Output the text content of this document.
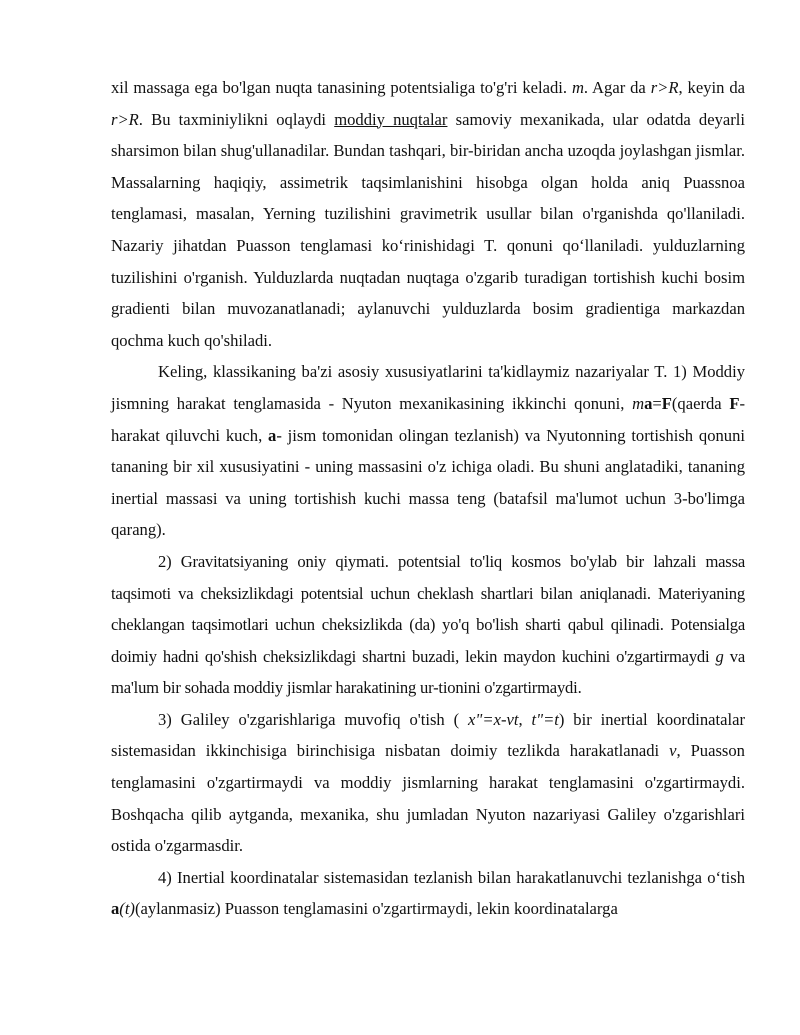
xil massaga ega bo'lgan nuqta tanasining potentsialiga to'g'ri keladi. m. Agar da r>R, keyin da r>R. Bu taxminiylikni oqlaydi moddiy nuqtalar samoviy mexanikada, ular odatda deyarli sharsimon bilan shug'ullanadilar. Bundan tashqari, bir-biridan ancha uzoqda joylashgan jismlar. Massalarning haqiqiy, assimetrik taqsimlanishini hisobga olgan holda aniq Puassnoa tenglamasi, masalan, Yerning tuzilishini gravimetrik usullar bilan o'rganishda qo'llaniladi. Nazariy jihatdan Puasson tenglamasi ko‘rinishidagi T. qonuni qo‘llaniladi. yulduzlarning tuzilishini o'rganish. Yulduzlarda nuqtadan nuqtaga o'zgarib turadigan tortishish kuchi bosim gradienti bilan muvozanatlanadi; aylanuvchi yulduzlarda bosim gradientiga markazdan qochma kuch qo'shiladi.

Keling, klassikaning ba'zi asosiy xususiyatlarini ta'kidlaymiz nazariyalar T. 1) Moddiy jismning harakat tenglamasida - Nyuton mexanikasining ikkinchi qonuni, ma=F(qaerda F- harakat qiluvchi kuch, a- jism tomonidan olingan tezlanish) va Nyutonning tortishish qonuni tananing bir xil xususiyatini - uning massasini o'z ichiga oladi. Bu shuni anglatadiki, tananing inertial massasi va uning tortishish kuchi massa teng (batafsil ma'lumot uchun 3-bo'limga qarang).

2) Gravitatsiyaning oniy qiymati. potentsial to'liq kosmos bo'ylab bir lahzali massa taqsimoti va cheksizlikdagi potentsial uchun cheklash shartlari bilan aniqlanadi. Materiyaning cheklangan taqsimotlari uchun cheksizlikda (da) yo'q bo'lish sharti qabul qilinadi. Potensialga doimiy hadni qo'shish cheksizlikdagi shartni buzadi, lekin maydon kuchini o'zgartirmaydi g va ma'lum bir sohada moddiy jismlar harakatining ur-tionini o'zgartirmaydi.

3) Galiley o'zgarishlariga muvofiq o'tish ( x"=x-vt, t"=t) bir inertial koordinatalar sistemasidan ikkinchisiga birinchisiga nisbatan doimiy tezlikda harakatlanadi v, Puasson tenglamasini o'zgartirmaydi va moddiy jismlarning harakat tenglamasini o'zgartirmaydi. Boshqacha qilib aytganda, mexanika, shu jumladan Nyuton nazariyasi Galiley o'zgarishlari ostida o'zgarmasdir.

4) Inertial koordinatalar sistemasidan tezlanish bilan harakatlanuvchi tezlanishga o‘tish a(t)(aylanmasiz) Puasson tenglamasini o'zgartirmaydi, lekin koordinatalarga
